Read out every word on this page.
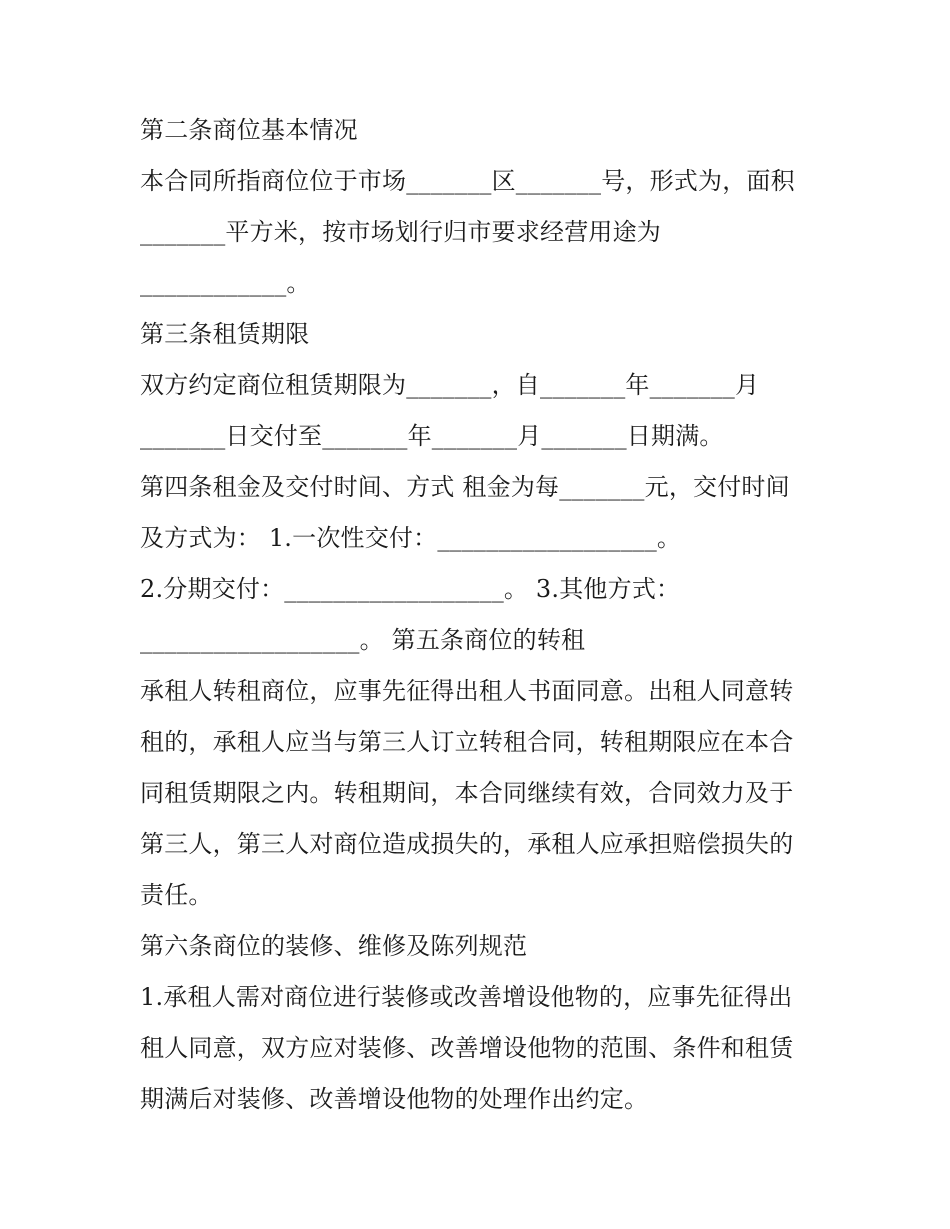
第二条商位基本情况
本合同所指商位位于市场_______区_______号，形式为，面积
_______平方米，按市场划行归市要求经营用途为
____________。
第三条租赁期限
双方约定商位租赁期限为_______，自_______年_______月
_______日交付至_______年_______月_______日期满。
第四条租金及交付时间、方式 租金为每_______元，交付时间
及方式为： 1.一次性交付：__________________。
2.分期交付：__________________。 3.其他方式：
__________________。 第五条商位的转租
承租人转租商位，应事先征得出租人书面同意。出租人同意转
租的，承租人应当与第三人订立转租合同，转租期限应在本合
同租赁期限之内。转租期间，本合同继续有效，合同效力及于
第三人，第三人对商位造成损失的，承租人应承担赔偿损失的
责任。
第六条商位的装修、维修及陈列规范
1.承租人需对商位进行装修或改善增设他物的，应事先征得出
租人同意，双方应对装修、改善增设他物的范围、条件和租赁
期满后对装修、改善增设他物的处理作出约定。
